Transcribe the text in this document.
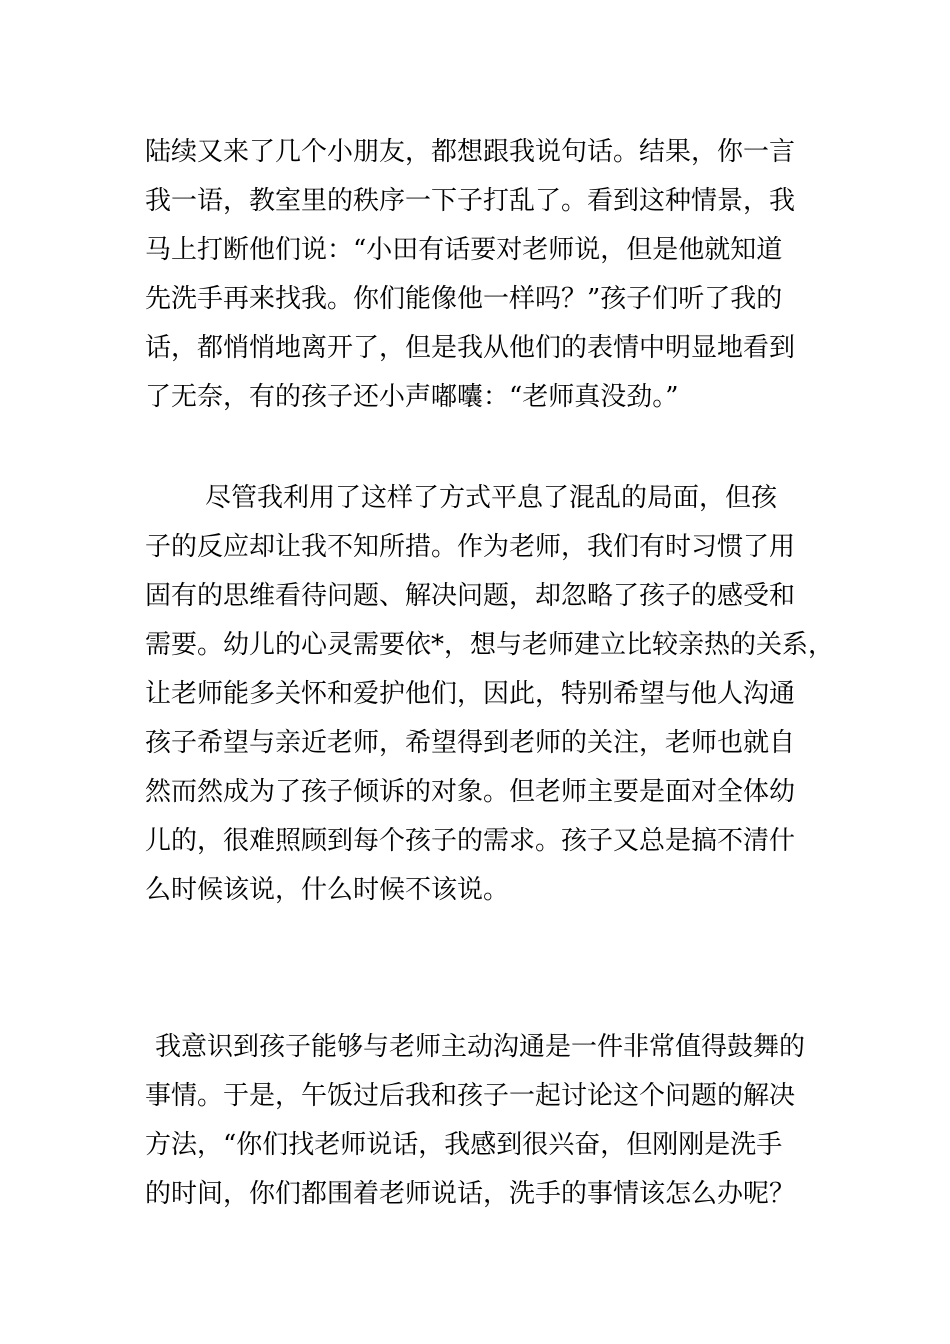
陆续又来了几个小朋友，都想跟我说句话。结果，你一言
我一语，教室里的秩序一下子打乱了。看到这种情景，我
马上打断他们说：“小田有话要对老师说，但是他就知道
先洗手再来找我。你们能像他一样吗？”孩子们听了我的
话，都悄悄地离开了，但是我从他们的表情中明显地看到
了无奈，有的孩子还小声嘟囔：“老师真没劲。”
尽管我利用了这样了方式平息了混乱的局面，但孩
子的反应却让我不知所措。作为老师，我们有时习惯了用
固有的思维看待问题、解决问题，却忽略了孩子的感受和
需要。幼儿的心灵需要依*，想与老师建立比较亲热的关系，
让老师能多关怀和爱护他们，因此，特别希望与他人沟通
孩子希望与亲近老师，希望得到老师的关注，老师也就自
然而然成为了孩子倾诉的对象。但老师主要是面对全体幼
儿的，很难照顾到每个孩子的需求。孩子又总是搞不清什
么时候该说，什么时候不该说。
我意识到孩子能够与老师主动沟通是一件非常值得鼓舞的
事情。于是，午饭过后我和孩子一起讨论这个问题的解决
方法，“你们找老师说话，我感到很兴奋，但刚刚是洗手
的时间，你们都围着老师说话，洗手的事情该怎么办呢？
